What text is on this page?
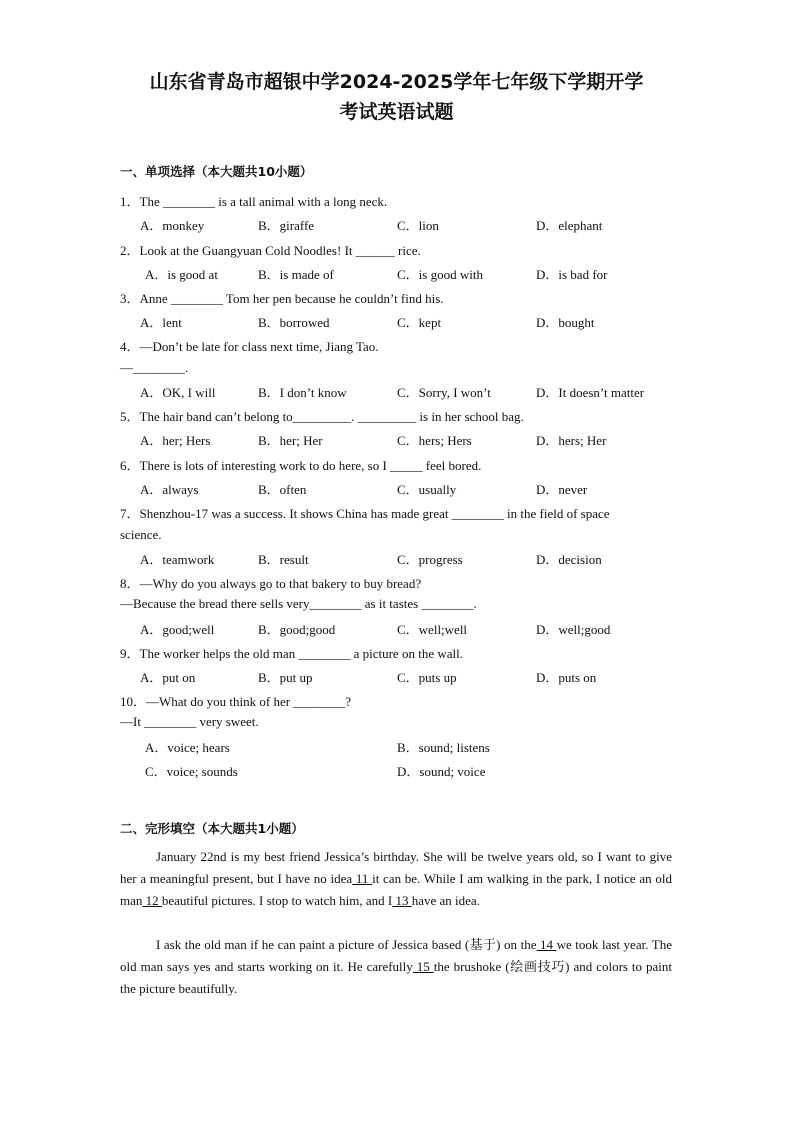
山东省青岛市超银中学2024-2025学年七年级下学期开学
考试英语试题
一、单项选择（本大题共10小题）
1．The ________ is a tall animal with a long neck.
A．monkey	B．giraffe	C．lion	D．elephant
2．Look at the Guangyuan Cold Noodles! It ______ rice.
A．is good at	B．is made of	C．is good with	D．is bad for
3．Anne ________ Tom her pen because he couldn’t find his.
A．lent	B．borrowed	C．kept	D．bought
4．—Don’t be late for class next time, Jiang Tao.
—________.
A．OK, I will	B．I don’t know	C．Sorry, I won’t	D．It doesn’t matter
5．The hair band can’t belong to_________. _________ is in her school bag.
A．her; Hers	B．her; Her	C．hers; Hers	D．hers; Her
6．There is lots of interesting work to do here, so I _____ feel bored.
A．always	B．often	C．usually	D．never
7．Shenzhou-17 was a success. It shows China has made great ________ in the field of space
science.
A．teamwork	B．result	C．progress	D．decision
8．—Why do you always go to that bakery to buy bread?
—Because the bread there sells very________ as it tastes ________.
A．good;well	B．good;good	C．well;well	D．well;good
9．The worker helps the old man ________ a picture on the wall.
A．put on	B．put up	C．puts up	D．puts on
10．—What do you think of her ________?
—It ________ very sweet.
A．voice; hears	B．sound; listens
C．voice; sounds	D．sound; voice
二、完形填空（本大题共1小题）
January 22nd is my best friend Jessica’s birthday. She will be twelve years old, so I want to give her a meaningful present, but I have no idea 11 it can be. While I am walking in the park, I notice an old man 12 beautiful pictures. I stop to watch him, and I 13 have an idea.
I ask the old man if he can paint a picture of Jessica based (基于) on the 14 we took last year. The old man says yes and starts working on it. He carefully 15 the brushoke (绘画技巧) and colors to paint the picture beautifully.
